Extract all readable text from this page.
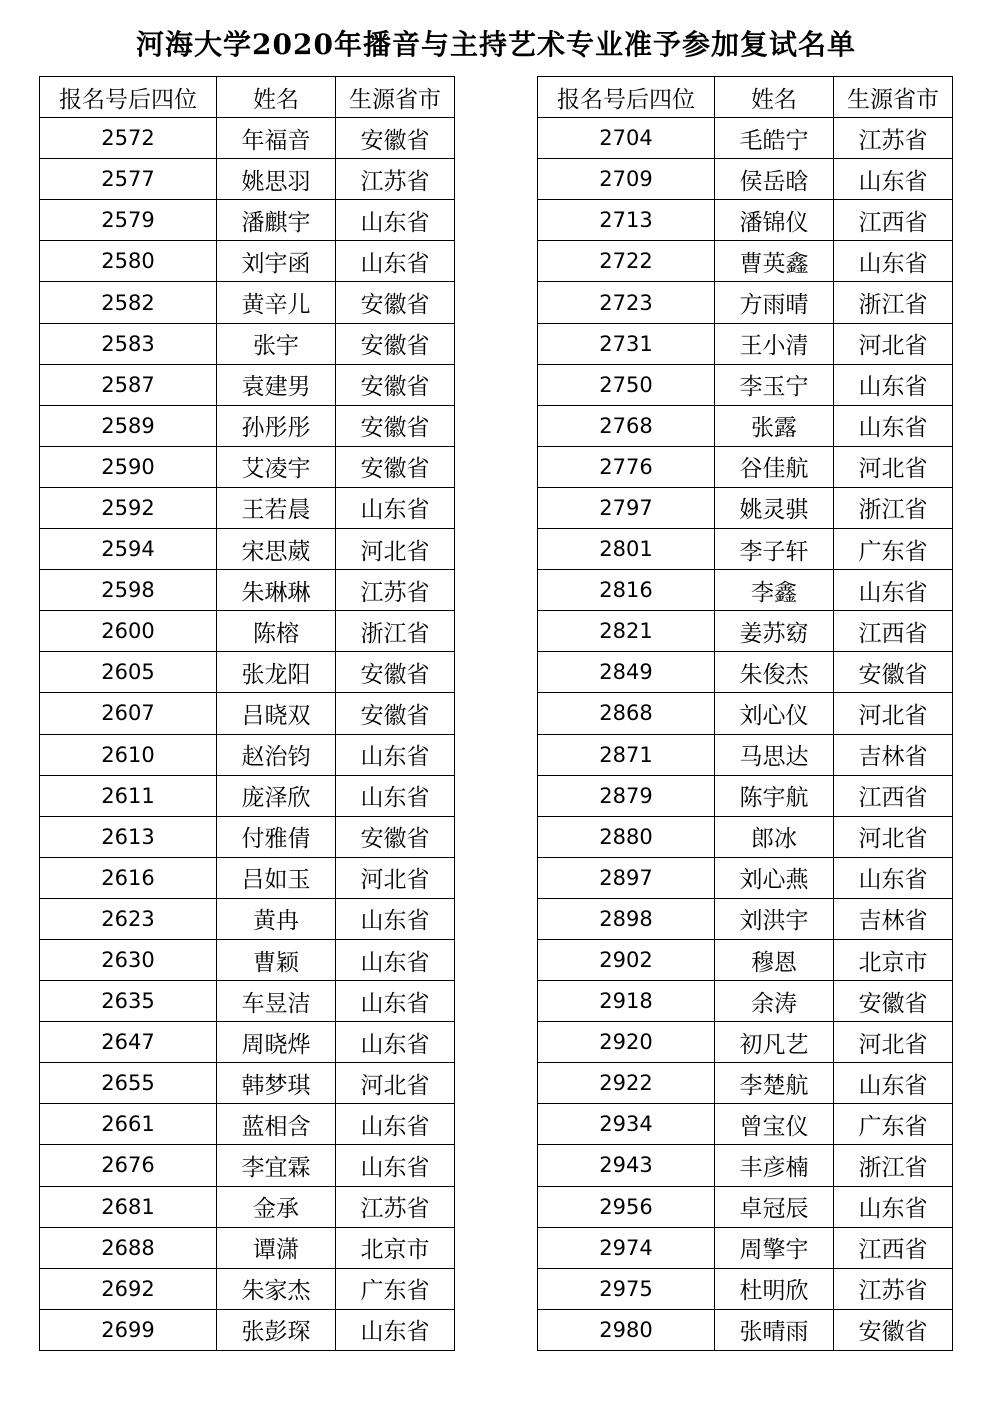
河海大学2020年播音与主持艺术专业准予参加复试名单
报名号后四位	姓名	生源省市
2572	年福音	安徽省
2577	姚思羽	江苏省
2579	潘麒宇	山东省
2580	刘宇函	山东省
2582	黄辛儿	安徽省
2583	张宇	安徽省
2587	袁建男	安徽省
2589	孙彤彤	安徽省
2590	艾凌宇	安徽省
2592	王若晨	山东省
2594	宋思葳	河北省
2598	朱琳琳	江苏省
2600	陈榕	浙江省
2605	张龙阳	安徽省
2607	吕晓双	安徽省
2610	赵治钧	山东省
2611	庞泽欣	山东省
2613	付雅倩	安徽省
2616	吕如玉	河北省
2623	黄冉	山东省
2630	曹颖	山东省
2635	车昱洁	山东省
2647	周晓烨	山东省
2655	韩梦琪	河北省
2661	蓝相含	山东省
2676	李宜霖	山东省
2681	金承	江苏省
2688	谭潇	北京市
2692	朱家杰	广东省
2699	张彭琛	山东省
报名号后四位	姓名	生源省市
2704	毛皓宁	江苏省
2709	侯岳晗	山东省
2713	潘锦仪	江西省
2722	曹英鑫	山东省
2723	方雨晴	浙江省
2731	王小清	河北省
2750	李玉宁	山东省
2768	张露	山东省
2776	谷佳航	河北省
2797	姚灵骐	浙江省
2801	李子轩	广东省
2816	李鑫	山东省
2821	姜苏窈	江西省
2849	朱俊杰	安徽省
2868	刘心仪	河北省
2871	马思达	吉林省
2879	陈宇航	江西省
2880	郎冰	河北省
2897	刘心燕	山东省
2898	刘洪宇	吉林省
2902	穆恩	北京市
2918	余涛	安徽省
2920	初凡艺	河北省
2922	李楚航	山东省
2934	曾宝仪	广东省
2943	丰彦楠	浙江省
2956	卓冠辰	山东省
2974	周擎宇	江西省
2975	杜明欣	江苏省
2980	张晴雨	安徽省
